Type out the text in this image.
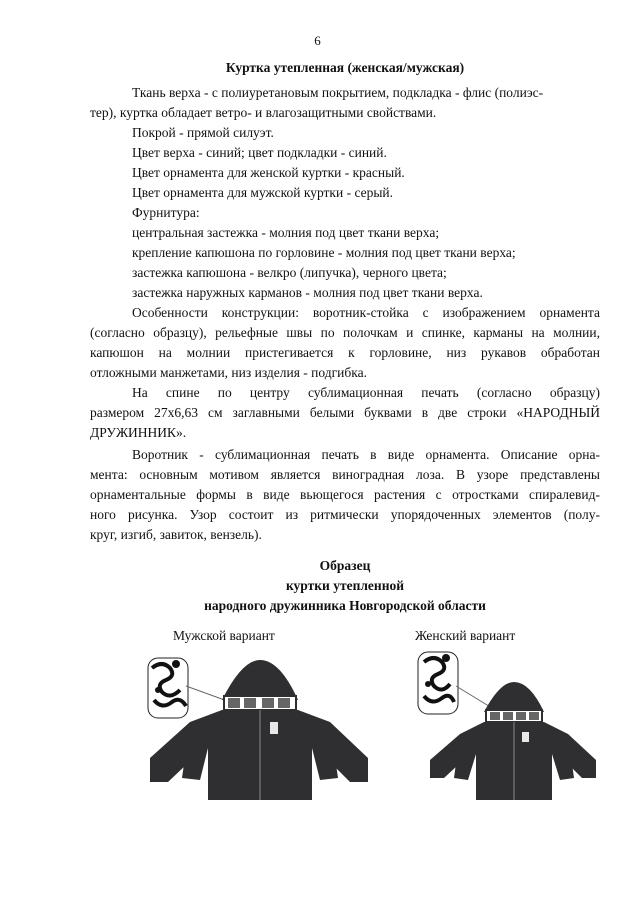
6
Куртка утепленная (женская/мужская)
Ткань верха - с полиуретановым покрытием, подкладка - флис (полиэс-
тер), куртка обладает ветро- и влагозащитными свойствами.
Покрой - прямой силуэт.
Цвет верха - синий; цвет подкладки - синий.
Цвет орнамента для женской куртки - красный.
Цвет орнамента для мужской куртки - серый.
Фурнитура:
центральная застежка - молния под цвет ткани верха;
крепление капюшона по горловине - молния под цвет ткани верха;
застежка капюшона - велкро (липучка), черного цвета;
застежка наружных карманов - молния под цвет ткани верха.
Особенности конструкции: воротник-стойка с изображением орнамента
(согласно образцу), рельефные швы по полочкам и спинке, карманы на молнии,
капюшон на молнии пристегивается к горловине, низ рукавов обработан
отложными манжетами, низ изделия - подгибка.
На спине по центру сублимационная печать (согласно образцу)
размером 27х6,63 см заглавными белыми буквами в две строки «НАРОДНЫЙ
ДРУЖИННИК».
Воротник - сублимационная печать в виде орнамента. Описание орна-
мента: основным мотивом является виноградная лоза. В узоре представлены
орнаментальные формы в виде вьющегося растения с отростками спиралевид-
ного рисунка. Узор состоит из ритмически упорядоченных элементов (полу-
круг, изгиб, завиток, вензель).
Образец
куртки утепленной
народного дружинника Новгородской области
Мужской вариант	Женский вариант
